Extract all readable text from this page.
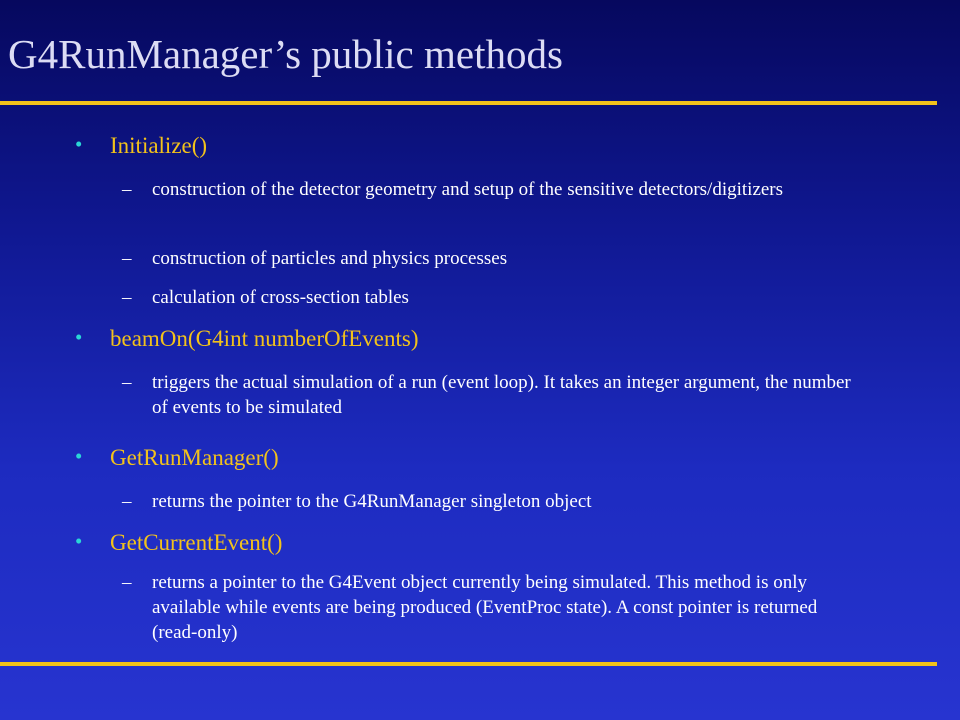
G4RunManager’s public methods
• Initialize()
– construction of the detector geometry and setup of the sensitive detectors/digitizers
– construction of particles and physics processes
– calculation of cross-section tables
• beamOn(G4int numberOfEvents)
– triggers the actual simulation of a run (event loop). It takes an integer argument, the number of events to be simulated
• GetRunManager()
– returns the pointer to the G4RunManager singleton object
• GetCurrentEvent()
– returns a pointer to the G4Event object currently being simulated. This method is only available while events are being produced (EventProc state). A const pointer is returned (read-only)
